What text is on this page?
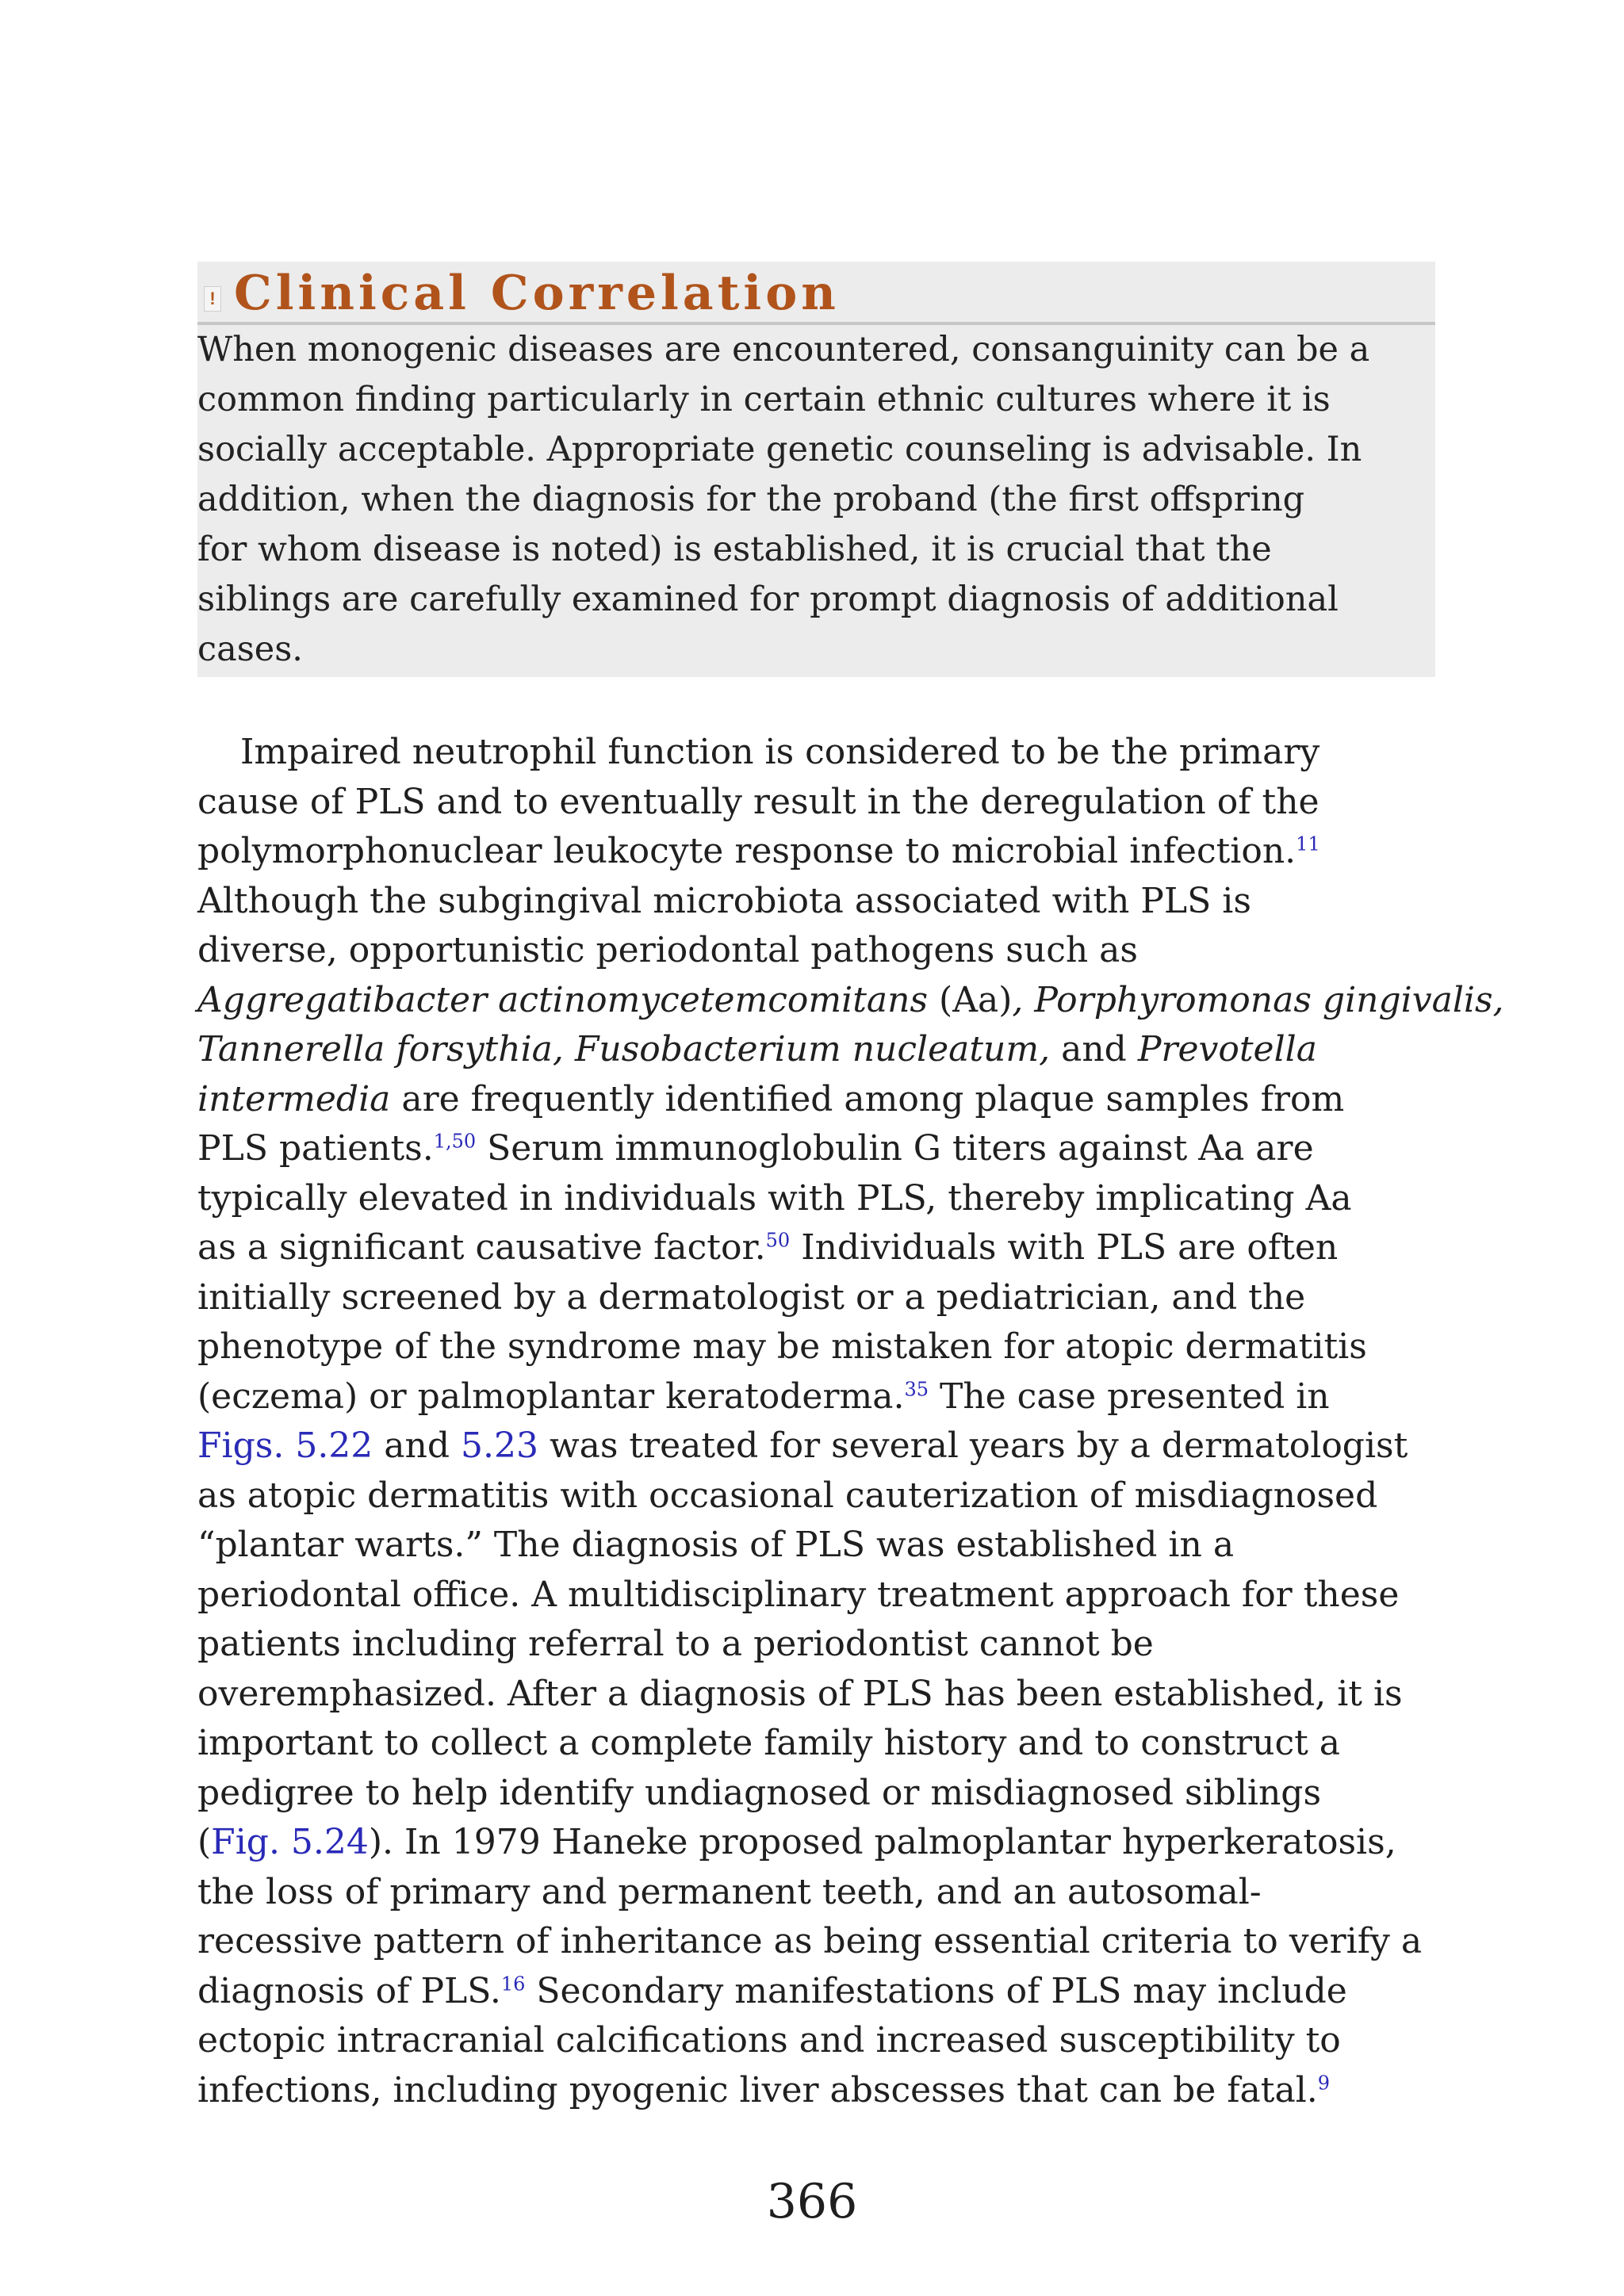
! Clinical Correlation

When monogenic diseases are encountered, consanguinity can be a
common finding particularly in certain ethnic cultures where it is
socially acceptable. Appropriate genetic counseling is advisable. In
addition, when the diagnosis for the proband (the first offspring
for whom disease is noted) is established, it is crucial that the
siblings are carefully examined for prompt diagnosis of additional
cases.

Impaired neutrophil function is considered to be the primary
cause of PLS and to eventually result in the deregulation of the
polymorphonuclear leukocyte response to microbial infection.$^{11}$
Although the subgingival microbiota associated with PLS is
diverse, opportunistic periodontal pathogens such as
Aggregatibacter actinomycetemcomitans (Aa), Porphyromonas gingivalis,
Tannerella forsythia, Fusobacterium nucleatum, and Prevotella
intermedia are frequently identified among plaque samples from
PLS patients.$^{1,50}$ Serum immunoglobulin G titers against Aa are
typically elevated in individuals with PLS, thereby implicating Aa
as a significant causative factor.$^{50}$ Individuals with PLS are often
initially screened by a dermatologist or a pediatrician, and the
phenotype of the syndrome may be mistaken for atopic dermatitis
(eczema) or palmoplantar keratoderma.$^{35}$ The case presented in
Figs. 5.22 and 5.23 was treated for several years by a dermatologist
as atopic dermatitis with occasional cauterization of misdiagnosed
“plantar warts.” The diagnosis of PLS was established in a
periodontal office. A multidisciplinary treatment approach for these
patients including referral to a periodontist cannot be
overemphasized. After a diagnosis of PLS has been established, it is
important to collect a complete family history and to construct a
pedigree to help identify undiagnosed or misdiagnosed siblings
(Fig. 5.24). In 1979 Haneke proposed palmoplantar hyperkeratosis,
the loss of primary and permanent teeth, and an autosomal-
recessive pattern of inheritance as being essential criteria to verify a
diagnosis of PLS.$^{16}$ Secondary manifestations of PLS may include
ectopic intracranial calcifications and increased susceptibility to
infections, including pyogenic liver abscesses that can be fatal.$^9$

366
